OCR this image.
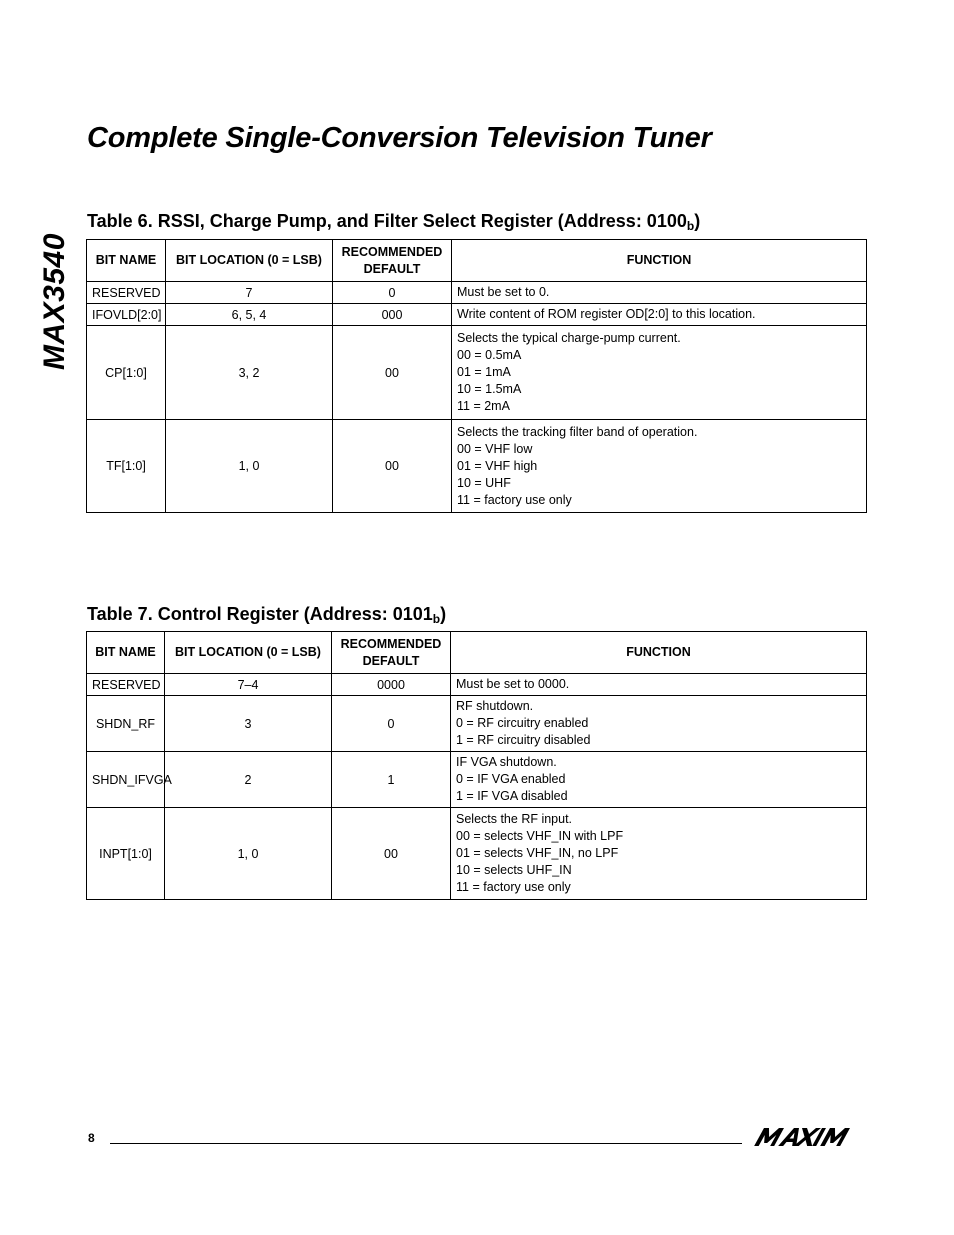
MAX3540
Complete Single-Conversion Television Tuner
Table 6. RSSI, Charge Pump, and Filter Select Register (Address: $0100_b$)
BIT NAME	BIT LOCATION (0 = LSB)	RECOMMENDED DEFAULT	FUNCTION
RESERVED	7	0	Must be set to 0.

IFOVLD[2:0]	6, 5, 4	000	Write content of ROM register OD[2:0] to this location.

CP[1:0]	3, 2	00	Selects the typical charge-pump current.
00 = 0.5mA
01 = 1mA
10 = 1.5mA
11 = 2mA

TF[1:0]	1, 0	00	Selects the tracking filter band of operation.
00 = VHF low
01 = VHF high
10 = UHF
11 = factory use only
Table 7. Control Register (Address: $0101_b$)
BIT NAME	BIT LOCATION (0 = LSB)	RECOMMENDED DEFAULT	FUNCTION
RESERVED	7–4	0000	Must be set to 0000.

SHDN_RF	3	0	RF shutdown.
0 = RF circuitry enabled
1 = RF circuitry disabled

SHDN_IFVGA	2	1	IF VGA shutdown.
0 = IF VGA enabled
1 = IF VGA disabled

INPT[1:0]	1, 0	00	Selects the RF input.
00 = selects VHF_IN with LPF
01 = selects VHF_IN, no LPF
10 = selects UHF_IN
11 = factory use only
8
